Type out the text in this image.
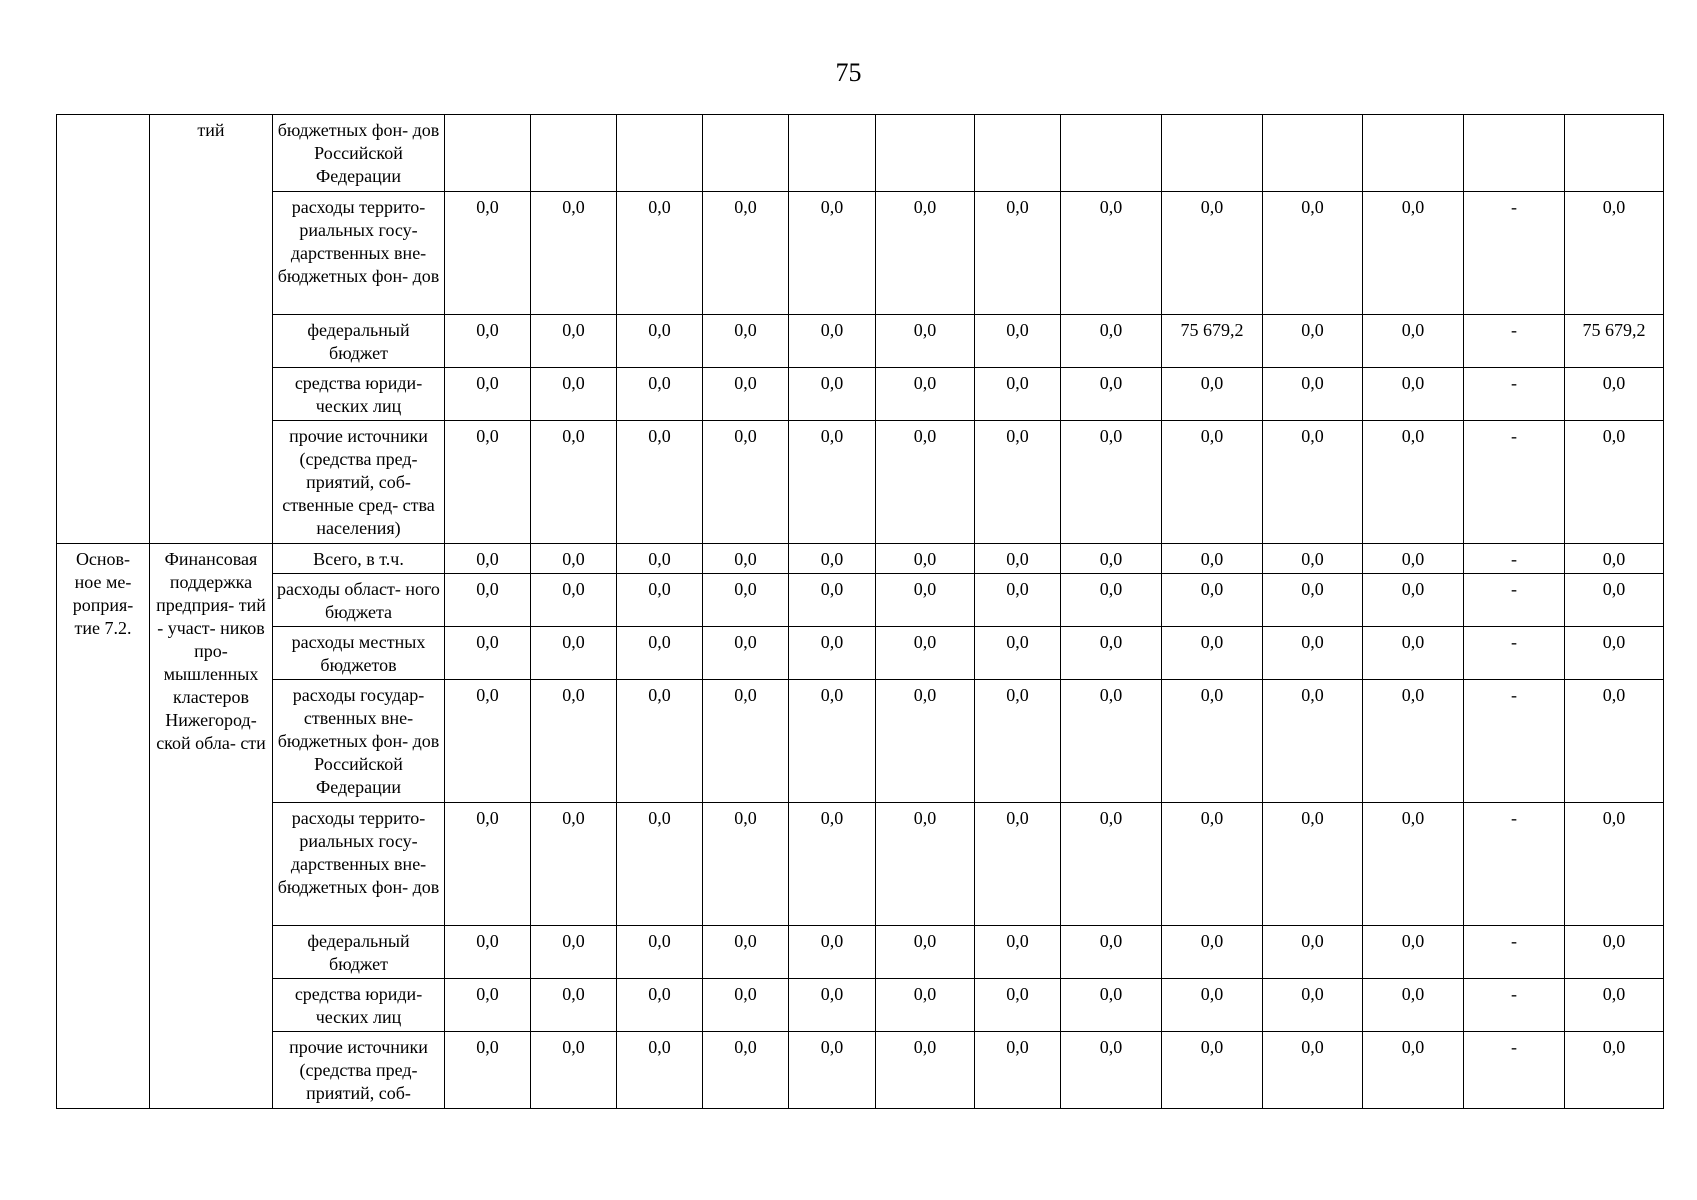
75
	тий	бюджетных фон- дов Российской Федерации													
		расходы террито- риальных госу- дарственных вне- бюджетных фон- дов	0,0	0,0	0,0	0,0	0,0	0,0	0,0	0,0	0,0	0,0	0,0	-	0,0
		федеральный бюджет	0,0	0,0	0,0	0,0	0,0	0,0	0,0	0,0	75 679,2	0,0	0,0	-	75 679,2
		средства юриди- ческих лиц	0,0	0,0	0,0	0,0	0,0	0,0	0,0	0,0	0,0	0,0	0,0	-	0,0
		прочие источники (средства пред- приятий, соб- ственные сред- ства населения)	0,0	0,0	0,0	0,0	0,0	0,0	0,0	0,0	0,0	0,0	0,0	-	0,0
Основ- ное ме- роприя- тие 7.2.	Финансовая поддержка предприя- тий - участ- ников про- мышленных кластеров Нижегород- ской обла- сти	Всего, в т.ч.	0,0	0,0	0,0	0,0	0,0	0,0	0,0	0,0	0,0	0,0	0,0	-	0,0
		расходы област- ного бюджета	0,0	0,0	0,0	0,0	0,0	0,0	0,0	0,0	0,0	0,0	0,0	-	0,0
		расходы местных бюджетов	0,0	0,0	0,0	0,0	0,0	0,0	0,0	0,0	0,0	0,0	0,0	-	0,0
		расходы государ- ственных вне- бюджетных фон- дов Российской Федерации	0,0	0,0	0,0	0,0	0,0	0,0	0,0	0,0	0,0	0,0	0,0	-	0,0
		расходы террито- риальных госу- дарственных вне- бюджетных фон- дов	0,0	0,0	0,0	0,0	0,0	0,0	0,0	0,0	0,0	0,0	0,0	-	0,0
		федеральный бюджет	0,0	0,0	0,0	0,0	0,0	0,0	0,0	0,0	0,0	0,0	0,0	-	0,0
		средства юриди- ческих лиц	0,0	0,0	0,0	0,0	0,0	0,0	0,0	0,0	0,0	0,0	0,0	-	0,0
		прочие источники (средства пред- приятий, соб-	0,0	0,0	0,0	0,0	0,0	0,0	0,0	0,0	0,0	0,0	0,0	-	0,0
